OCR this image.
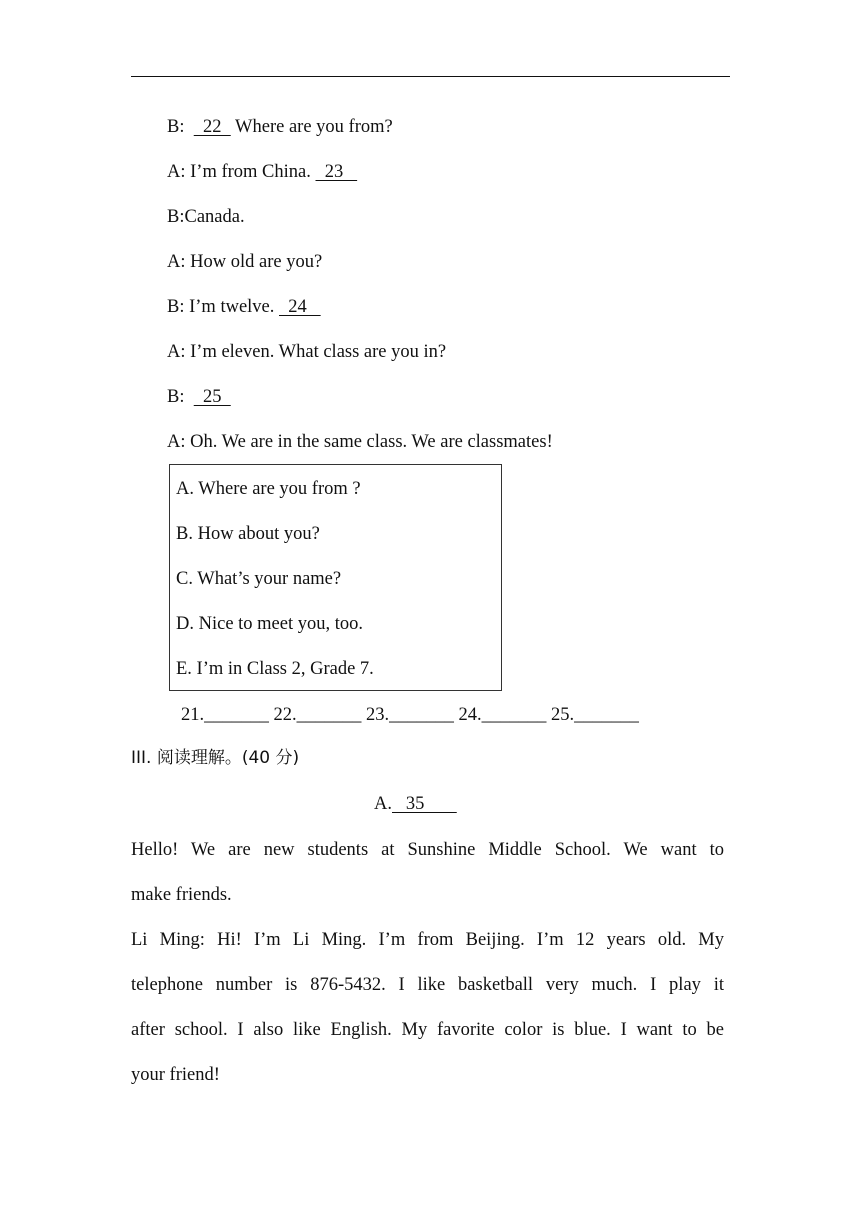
B:    22   Where are you from?
A: I’m from China.   23
B:Canada.
A: How old are you?
B: I’m twelve.   24
A: I’m eleven. What class are you in?
B:    25
A: Oh. We are in the same class. We are classmates!
A. Where are you from ?
B. How about you?
C. What’s your name?
D. Nice to meet you, too.
E. I’m in Class 2, Grade 7.
21._______ 22._______ 23._______ 24._______ 25._______
III. 阅读理解。(40 分)
A.   35
Hello! We are new students at Sunshine Middle School. We want to
make friends.
Li Ming: Hi! I’m Li Ming. I’m from Beijing. I’m 12 years old. My
telephone number is 876-5432. I like basketball very much. I play it
after school. I also like English. My favorite color is blue. I want to be
your friend!
